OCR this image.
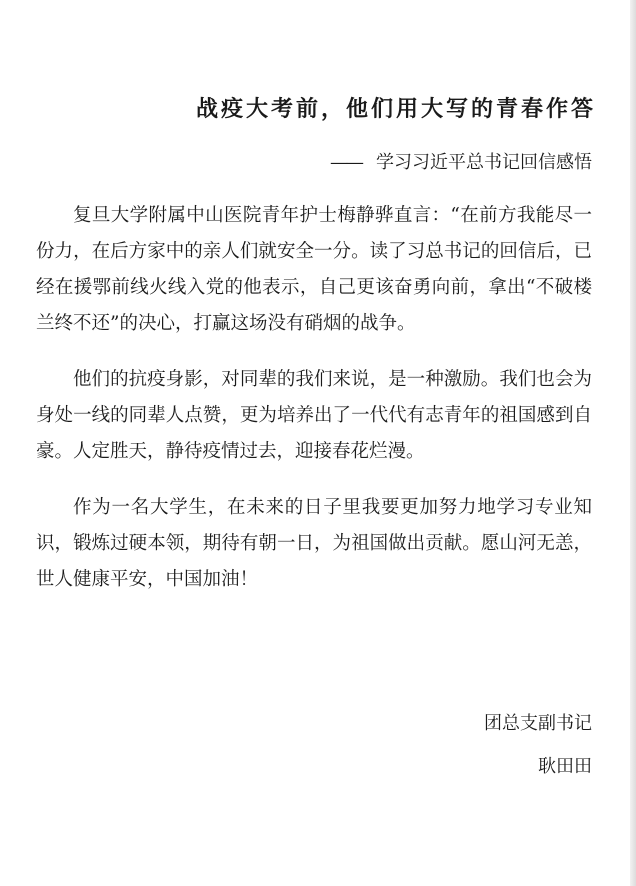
战疫大考前，他们用大写的青春作答
—— 学习习近平总书记回信感悟

复旦大学附属中山医院青年护士梅静骅直言：“在前方我能尽一份力，在后方家中的亲人们就安全一分。读了习总书记的回信后，已经在援鄂前线火线入党的他表示，自己更该奋勇向前，拿出“不破楼兰终不还”的决心，打赢这场没有硝烟的战争。

他们的抗疫身影，对同辈的我们来说，是一种激励。我们也会为身处一线的同辈人点赞，更为培养出了一代代有志青年的祖国感到自豪。人定胜天，静待疫情过去，迎接春花烂漫。

作为一名大学生，在未来的日子里我要更加努力地学习专业知识，锻炼过硬本领，期待有朝一日，为祖国做出贡献。愿山河无恙，世人健康平安，中国加油！

团总支副书记
耿田田
